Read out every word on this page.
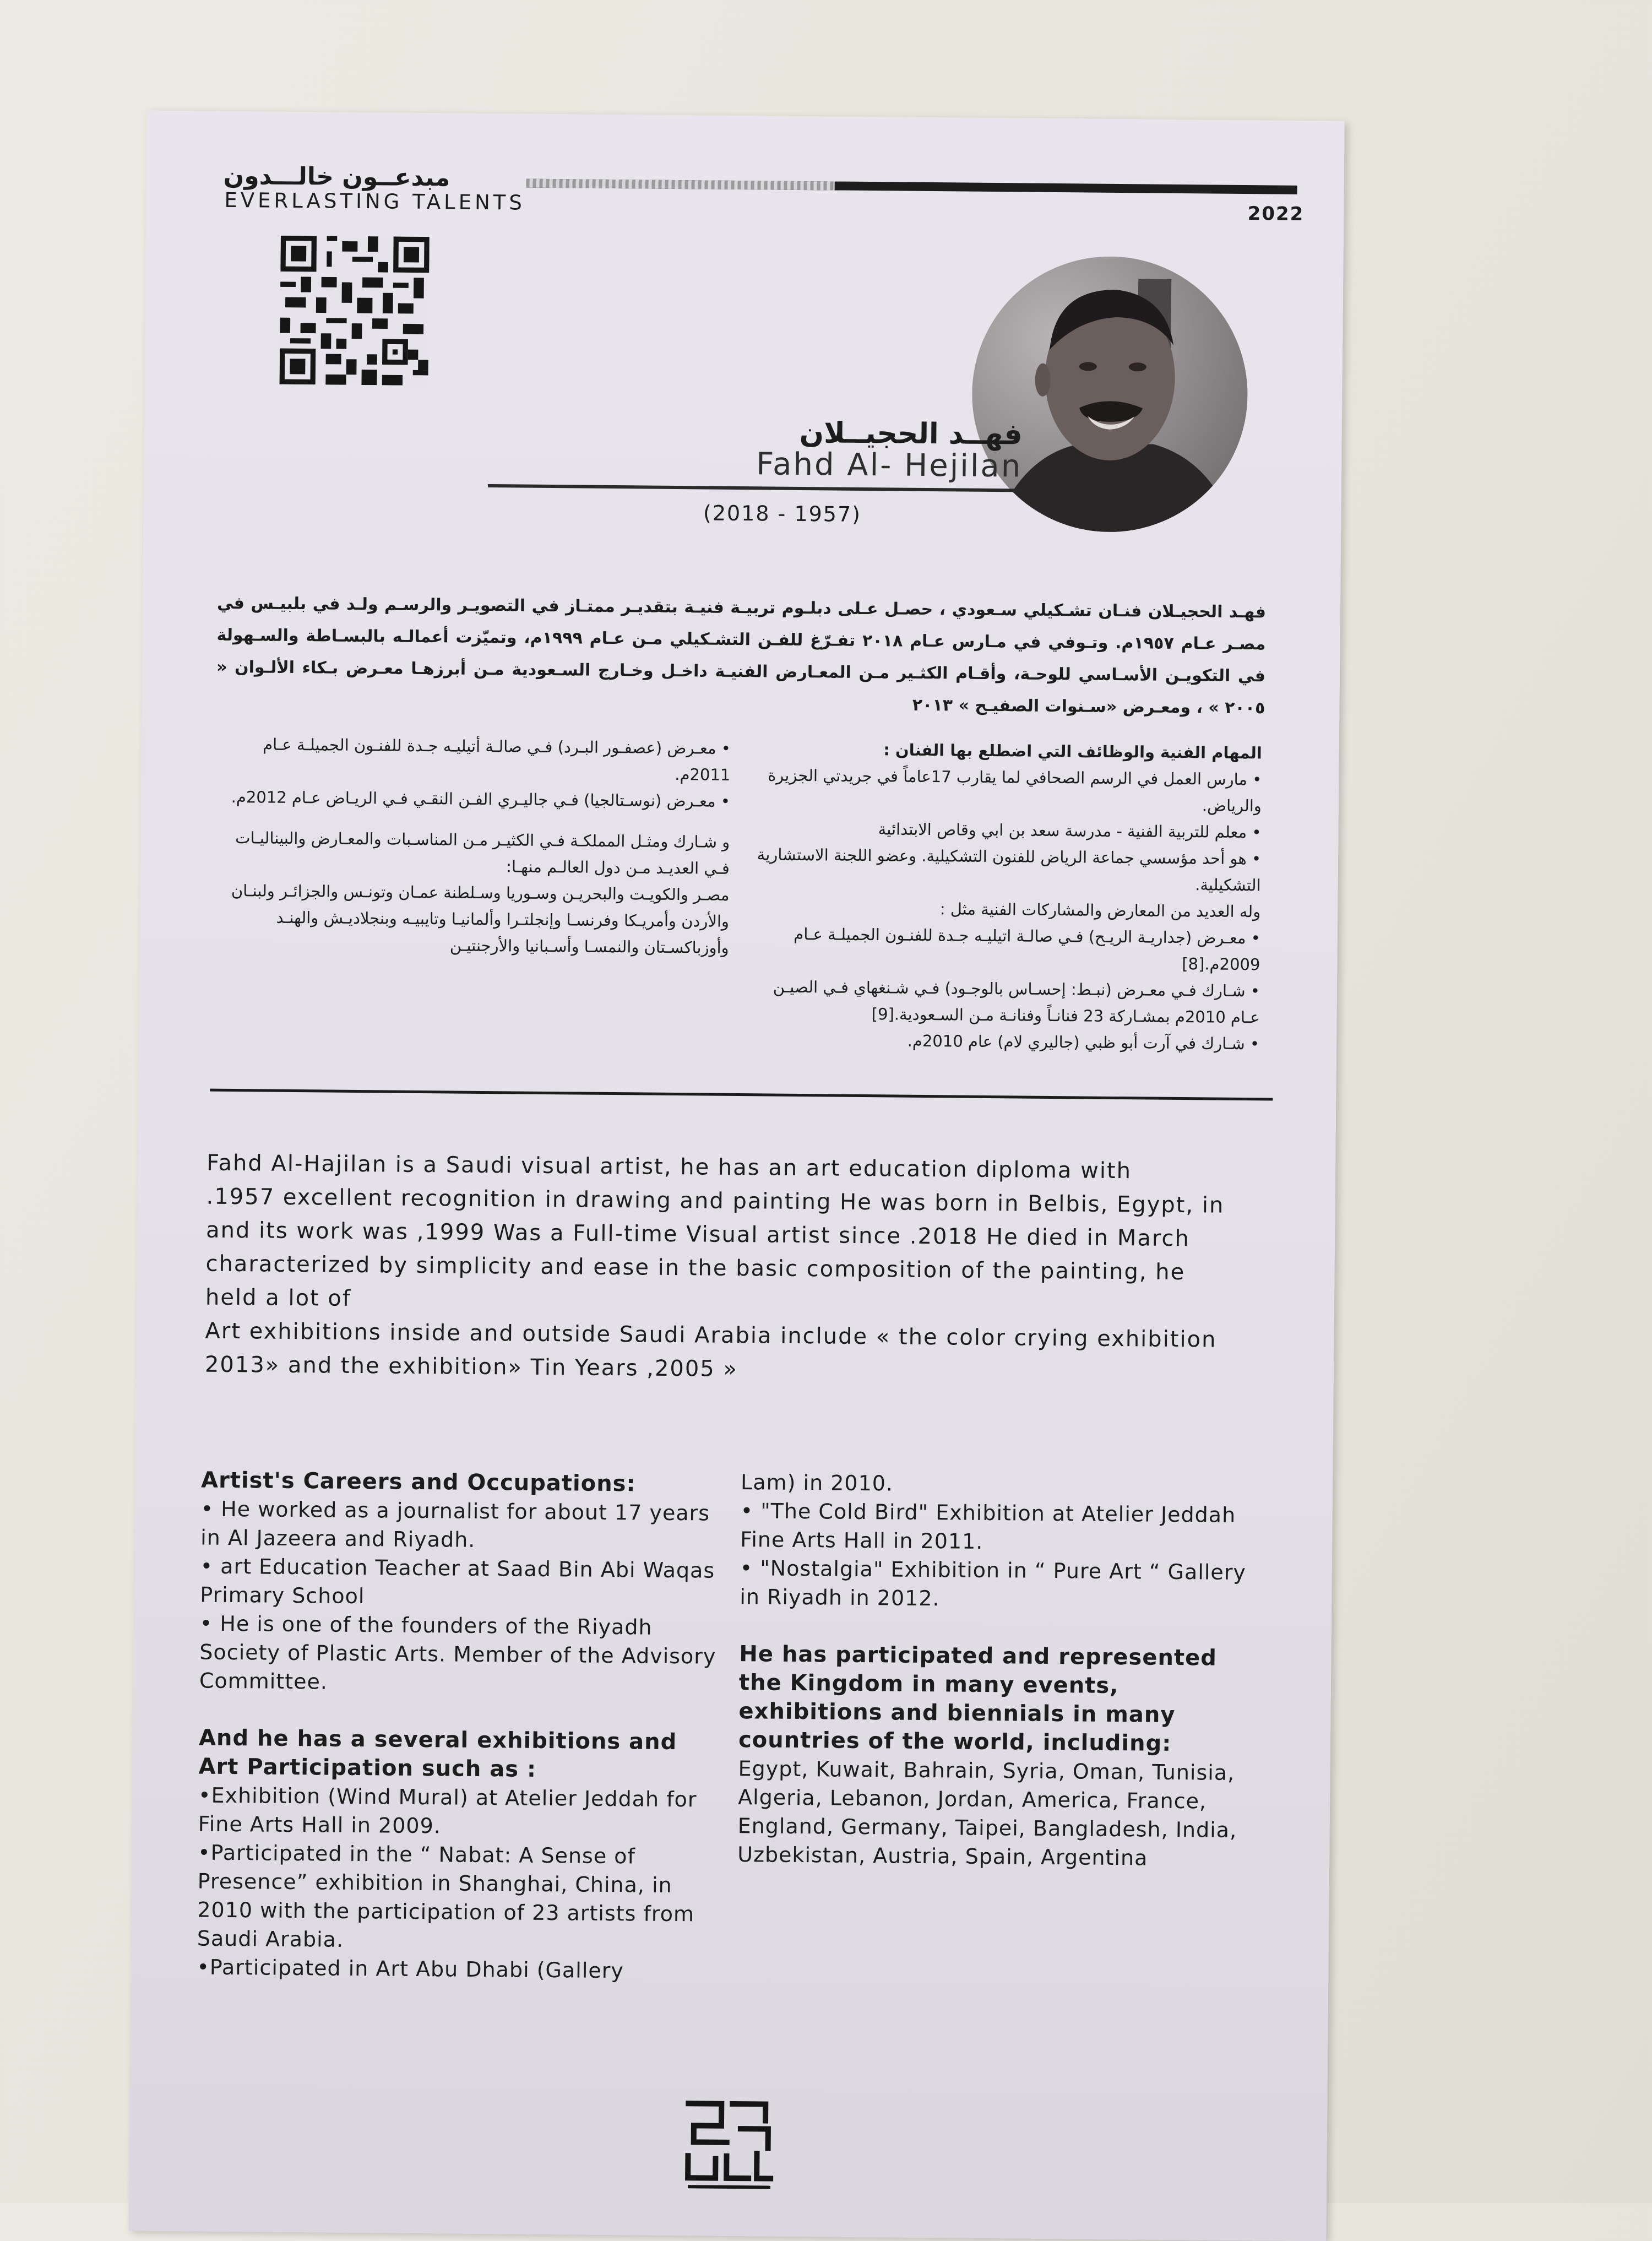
مبدعــون خالـــدون
EVERLASTING TALENTS	2022
فهــد الحجيــلان
Fahd Al- Hejilan
(2018 - 1957)
فهـد الحجيـلان فنـان تشـكيلي سـعودي ، حصـل عـلى دبلـوم تربيـة فنيـة بتقديـر ممتـاز في التصويـر والرسـم ولـد في بلبيـس في مصـر عـام ١٩٥٧م. وتـوفي في مـارس عـام ٢٠١٨ تفـرّغ للفـن التشـكيلي مـن عـام ١٩٩٩م، وتميّزت أعمالـه بالبسـاطة والسـهولة في التكويـن الأسـاسي للوحـة، وأقـام الكثـير مـن المعـارض الفنيـة داخـل وخـارج السـعودية مـن أبرزهـا معـرض بـكاء الألـوان « ٢٠٠٥ » ، ومعـرض «سـنوات الصفيـح » ٢٠١٣

المهام الفنية والوظائف التي اضطلع بها الفنان :

• مارس العمل في الرسم الصحافي لما يقارب 17عاماً في جريدتي الجزيرة والرياض.

• معلم للتربية الفنية - مدرسة سعد بن ابي وقاص الابتدائية

• هو أحد مؤسسي جماعة الرياض للفنون التشكيلية. وعضو اللجنة الاستشارية التشكيلية.

وله العديد من المعارض والمشاركات الفنية مثل :

• معـرض (جداريـة الريـح) فـي صالـة اتيليـه جـدة للفنـون الجميلـة عـام 2009م.[8]

• شـارك فـي معـرض (نبـط: إحسـاس بالوجـود) فـي شـنغهاي فـي الصيـن عـام 2010م بمشـاركة 23 فنانـاً وفنانـة مـن السـعودية.[9]

• شـارك في آرت أبو ظبي (جاليري لام) عام 2010م.

• معـرض (عصفـور البـرد) فـي صالـة أتيليـه جـدة للفنـون الجميلـة عـام 2011م.

• معـرض (نوسـتالجيا) فـي جاليـري الفـن النقـي فـي الريـاض عـام 2012م.

و شـارك ومثـل المملكـة فـي الكثيـر مـن المناسـبات والمعـارض والبيناليـات فـي العديـد مـن دول العالـم منهـا:

مصـر والكويـت والبحريـن وسـوريا وسـلطنة عمـان وتونـس والجزائـر ولبنـان والأردن وأمريـكا وفرنسـا وإنجلتـرا وألمانيـا وتايبيـه وبنجلاديـش والهنـد وأوزباكسـتان والنمسـا وأسـبانيا والأرجنتيـن

Fahd Al-Hajilan is a Saudi visual artist, he has an art education diploma with

.1957 excellent recognition in drawing and painting He was born in Belbis, Egypt, in

and its work was ,1999 Was a Full-time Visual artist since .2018 He died in March

characterized by simplicity and ease in the basic composition of the painting, he

held a lot of

Art exhibitions inside and outside Saudi Arabia include « the color crying exhibition

2013» and the exhibition» Tin Years ,2005 »

Artist's Careers and Occupations:

• He worked as a journalist for about 17 years in Al Jazeera and Riyadh.

• art Education Teacher at Saad Bin Abi Waqas Primary School

• He is one of the founders of the Riyadh Society of Plastic Arts. Member of the Advisory Committee.

And he has a several exhibitions and Art Participation such as :

•Exhibition (Wind Mural) at Atelier Jeddah for Fine Arts Hall in 2009.

•Participated in the “ Nabat: A Sense of Presence” exhibition in Shanghai, China, in 2010 with the participation of 23 artists from Saudi Arabia.

•Participated in Art Abu Dhabi (Gallery

Lam) in 2010.

• "The Cold Bird" Exhibition at Atelier Jeddah Fine Arts Hall in 2011.

• "Nostalgia" Exhibition in “ Pure Art “ Gallery in Riyadh in 2012.

He has participated and represented the Kingdom in many events, exhibitions and biennials in many countries of the world, including:

Egypt, Kuwait, Bahrain, Syria, Oman, Tunisia, Algeria, Lebanon, Jordan, America, France, England, Germany, Taipei, Bangladesh, India, Uzbekistan, Austria, Spain, Argentina
